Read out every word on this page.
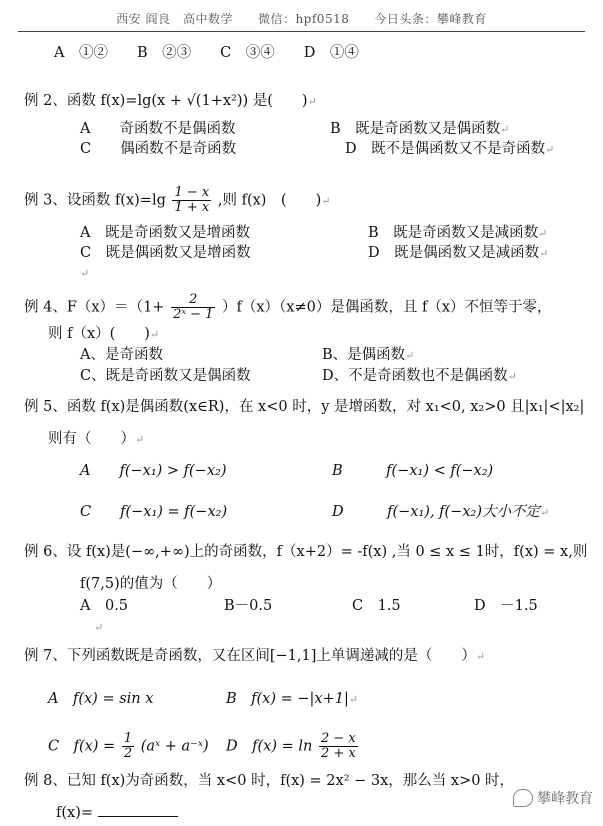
西安 阎良　高中数学　　微信：hpf0518　　今日头条：攀峰教育
A　①②　　B　②③　　C　③④　　D　①④
例 2、函数 f(x)=lg(x + √(1+x²)) 是(　　)↵
A　　奇函数不是偶函数	B　既是奇函数又是偶函数↵
C　　偶函数不是奇函数	D　既不是偶函数又不是奇函数↵
例 3、设函数 $f(x)=\lg \frac{1 - x}{1 + x}$ ,则 f(x)　(　　)↵
A　既是奇函数又是增函数	B　既是奇函数又是减函数↵
C　既是偶函数又是增函数	D　既是偶函数又是减函数↵
↵
例 4、$F(x)=(1+ \frac{2}{\text{2ˣ − 1}} )f(x)(x\ne 0)$是偶函数，且 f（x）不恒等于零，
则 f（x）(　　)↵
A、是奇函数	B、是偶函数↵
C、既是奇函数又是偶函数	D、不是奇函数也不是偶函数↵
例 5、函数 f(x)是偶函数(x∈R)，在 x<0 时，y 是增函数，对 x₁<0, x₂>0 且|x₁|<|x₂|
则有（　　）↵
A　　f(−x₁) > f(−x₂)	B　　　f(−x₁) < f(−x₂)
C　　f(−x₁) = f(−x₂)	D　　　f(−x₁), f(−x₂)大小不定↵
例 6、设 f(x)是(−∞,+∞)上的奇函数，f（x+2）= -f(x) ,当 0 ≤ x ≤ 1时，f(x) = x,则
f(7,5)的值为（　　）
A　0.5	B－0.5	C　1.5	D　－1.5
↵
例 7、下列函数既是奇函数，又在区间[−1,1]上单调递减的是（　　）↵
A　f(x) = sin x	B　f(x) = −|x+1|↵
C　$f(x) = \frac{1}{2}$ (aˣ + a⁻ˣ) D　$f(x) = \ln \frac{2 - x}{2 + x}$
例 8、已知 f(x)为奇函数，当 x<0 时，f(x) = 2x² − 3x，那么当 x>0 时，
f(x)=
攀峰教育
